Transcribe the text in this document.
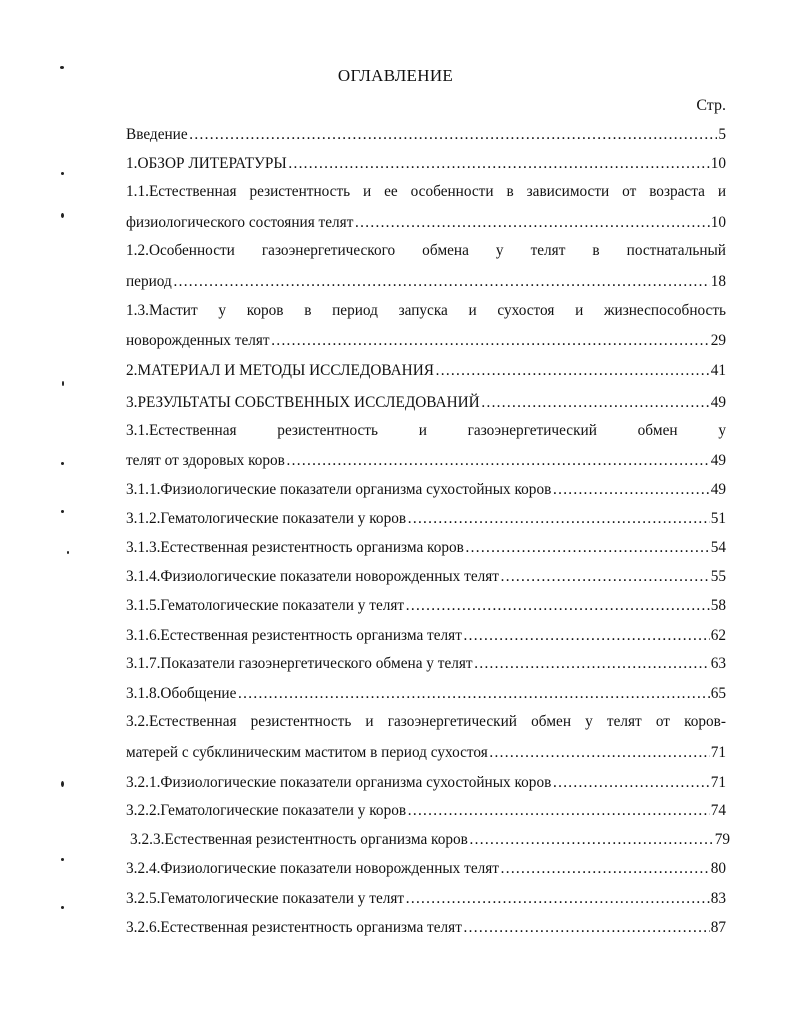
ОГЛАВЛЕНИЕ
Стр.
Введение ……………………………………………………………………………………………………………………………………………………………………………………………………	5
1.ОБЗОР ЛИТЕРАТУРЫ ……………………………………………………………………………………………………………………………………………………………………………………………………	10
1.1.Естественная резистентность и ее особенности в зависимости от возраста и
физиологического состояния телят ……………………………………………………………………………………………………………………………………………………………………………………………………	10
1.2.Особенности газоэнергетического обмена у телят в постнатальный
период ……………………………………………………………………………………………………………………………………………………………………………………………………	18
1.3.Мастит у коров в период запуска и сухостоя и жизнеспособность
новорожденных телят ……………………………………………………………………………………………………………………………………………………………………………………………………	29
2.МАТЕРИАЛ И МЕТОДЫ ИССЛЕДОВАНИЯ ……………………………………………………………………………………………………………………………………………………………………………………………………	41
3.РЕЗУЛЬТАТЫ СОБСТВЕННЫХ ИССЛЕДОВАНИЙ ……………………………………………………………………………………………………………………………………………………………………………………………………	49
3.1.Естественная резистентность и газоэнергетический обмен у
телят от здоровых коров ……………………………………………………………………………………………………………………………………………………………………………………………………	49
3.1.1.Физиологические показатели организма сухостойных коров ……………………………………………………………………………………………………………………………………………………………………………………………………	49
3.1.2.Гематологические показатели у коров ……………………………………………………………………………………………………………………………………………………………………………………………………	51
3.1.3.Естественная резистентность организма коров ……………………………………………………………………………………………………………………………………………………………………………………………………	54
3.1.4.Физиологические показатели новорожденных телят ……………………………………………………………………………………………………………………………………………………………………………………………………	55
3.1.5.Гематологические показатели у телят ……………………………………………………………………………………………………………………………………………………………………………………………………	58
3.1.6.Естественная резистентность организма телят ……………………………………………………………………………………………………………………………………………………………………………………………………	62
3.1.7.Показатели газоэнергетического обмена у телят ……………………………………………………………………………………………………………………………………………………………………………………………………	63
3.1.8.Обобщение ……………………………………………………………………………………………………………………………………………………………………………………………………	65
3.2.Естественная резистентность и газоэнергетический обмен у телят от коров-
матерей с субклиническим маститом в период сухостоя ……………………………………………………………………………………………………………………………………………………………………………………………………	71
3.2.1.Физиологические показатели организма сухостойных коров ……………………………………………………………………………………………………………………………………………………………………………………………………	71
3.2.2.Гематологические показатели у коров ……………………………………………………………………………………………………………………………………………………………………………………………………	74
3.2.3.Естественная резистентность организма коров ……………………………………………………………………………………………………………………………………………………………………………………………………	79
3.2.4.Физиологические показатели новорожденных телят ……………………………………………………………………………………………………………………………………………………………………………………………………	80
3.2.5.Гематологические показатели у телят ……………………………………………………………………………………………………………………………………………………………………………………………………	83
3.2.6.Естественная резистентность организма телят ……………………………………………………………………………………………………………………………………………………………………………………………………	87
